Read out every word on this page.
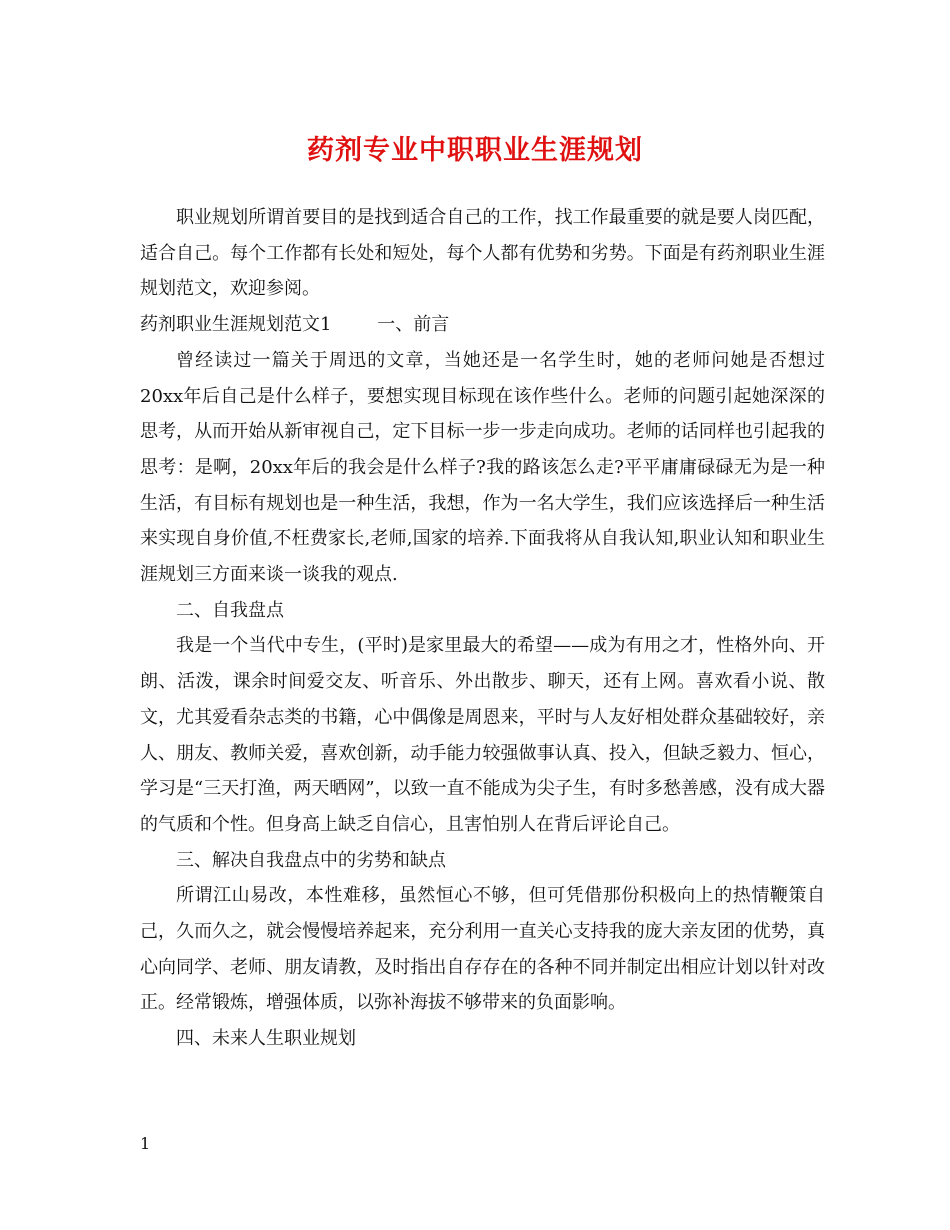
药剂专业中职职业生涯规划

职业规划所谓首要目的是找到适合自己的工作，找工作最重要的就是要人岗匹配，适合自己。每个工作都有长处和短处，每个人都有优势和劣势。下面是有药剂职业生涯规划范文，欢迎参阅。

药剂职业生涯规划范文1	一、前言

曾经读过一篇关于周迅的文章，当她还是一名学生时，她的老师问她是否想过20xx年后自己是什么样子，要想实现目标现在该作些什么。老师的问题引起她深深的思考，从而开始从新审视自己，定下目标一步一步走向成功。老师的话同样也引起我的思考：是啊，20xx年后的我会是什么样子?我的路该怎么走?平平庸庸碌碌无为是一种生活，有目标有规划也是一种生活，我想，作为一名大学生，我们应该选择后一种生活来实现自身价值,不枉费家长,老师,国家的培养.下面我将从自我认知,职业认知和职业生涯规划三方面来谈一谈我的观点.

二、自我盘点

我是一个当代中专生，(平时)是家里最大的希望——成为有用之才，性格外向、开朗、活泼，课余时间爱交友、听音乐、外出散步、聊天，还有上网。喜欢看小说、散文，尤其爱看杂志类的书籍，心中偶像是周恩来，平时与人友好相处群众基础较好，亲人、朋友、教师关爱，喜欢创新，动手能力较强做事认真、投入，但缺乏毅力、恒心，学习是“三天打渔，两天晒网”，以致一直不能成为尖子生，有时多愁善感，没有成大器的气质和个性。但身高上缺乏自信心，且害怕别人在背后评论自己。

三、解决自我盘点中的劣势和缺点

所谓江山易改，本性难移，虽然恒心不够，但可凭借那份积极向上的热情鞭策自己，久而久之，就会慢慢培养起来，充分利用一直关心支持我的庞大亲友团的优势，真心向同学、老师、朋友请教，及时指出自存存在的各种不同并制定出相应计划以针对改正。经常锻炼，增强体质，以弥补海拔不够带来的负面影响。

四、未来人生职业规划

1
